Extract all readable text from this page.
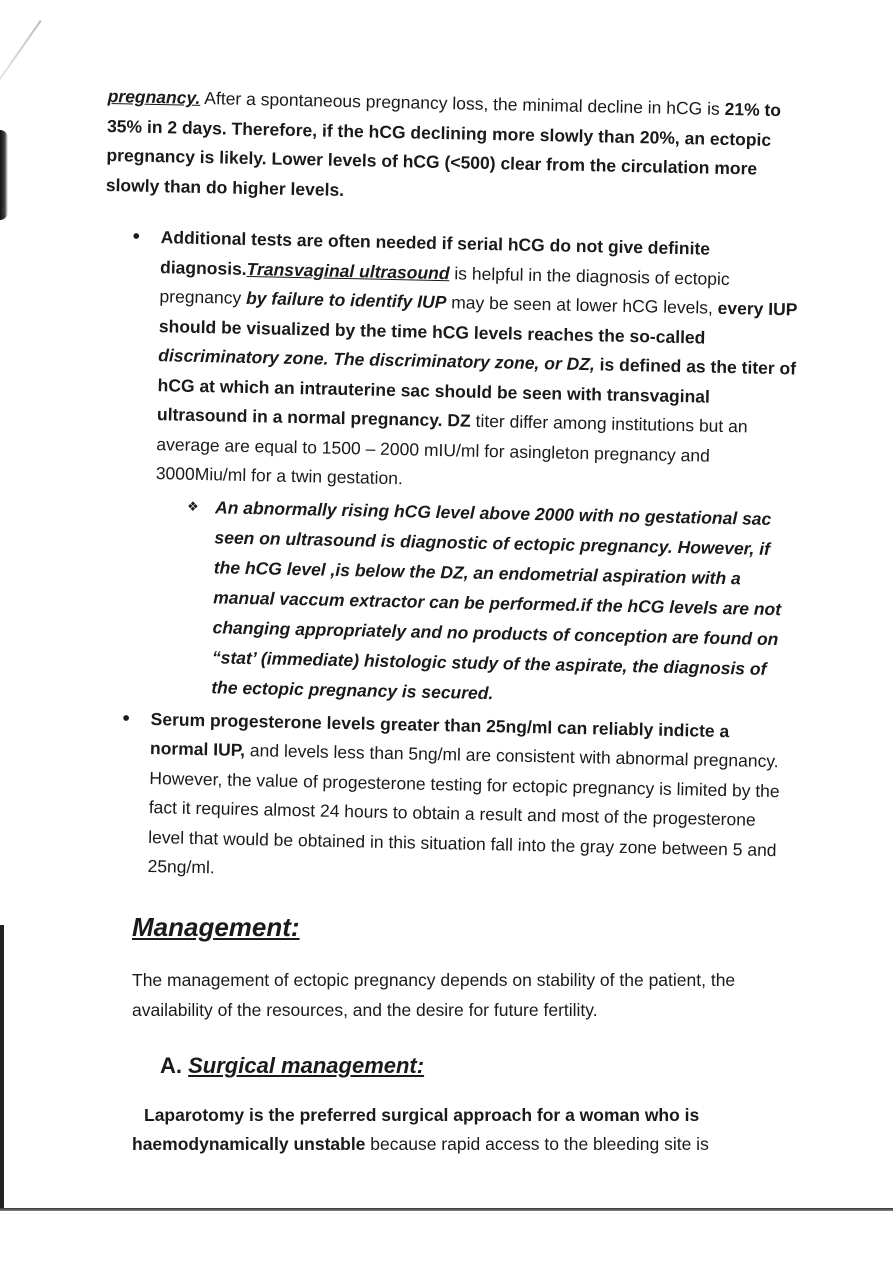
pregnancy. After a spontaneous pregnancy loss, the minimal decline in hCG is 21% to 35% in 2 days. Therefore, if the hCG declining more slowly than 20%, an ectopic pregnancy is likely. Lower levels of hCG (<500) clear from the circulation more slowly than do higher levels.

• Additional tests are often needed if serial hCG do not give definite diagnosis.Transvaginal ultrasound is helpful in the diagnosis of ectopic pregnancy by failure to identify IUP may be seen at lower hCG levels, every IUP should be visualized by the time hCG levels reaches the so-called discriminatory zone. The discriminatory zone, or DZ, is defined as the titer of hCG at which an intrauterine sac should be seen with transvaginal ultrasound in a normal pregnancy. DZ titer differ among institutions but an average are equal to 1500 – 2000 mIU/ml for asingleton pregnancy and 3000Miu/ml for a twin gestation.
❖ An abnormally rising hCG level above 2000 with no gestational sac seen on ultrasound is diagnostic of ectopic pregnancy. However, if the hCG level ,is below the DZ, an endometrial aspiration with a manual vaccum extractor can be performed.if the hCG levels are not changing appropriately and no products of conception are found on “stat’ (immediate) histologic study of the aspirate, the diagnosis of the ectopic pregnancy is secured.
• Serum progesterone levels greater than 25ng/ml can reliably indicte a normal IUP, and levels less than 5ng/ml are consistent with abnormal pregnancy. However, the value of progesterone testing for ectopic pregnancy is limited by the fact it requires almost 24 hours to obtain a result and most of the progesterone level that would be obtained in this situation fall into the gray zone between 5 and 25ng/ml.
Management:

The management of ectopic pregnancy depends on stability of the patient, the availability of the resources, and the desire for future fertility.

A. Surgical management:

Laparotomy is the preferred surgical approach for a woman who is haemodynamically unstable because rapid access to the bleeding site is
